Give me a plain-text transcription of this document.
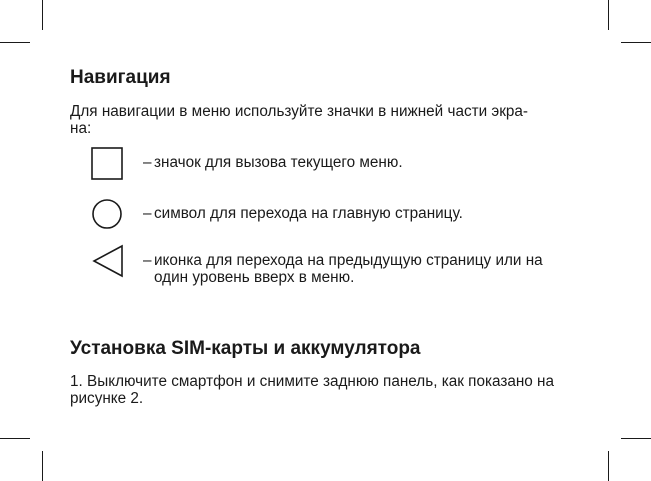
Навигация

Для навигации в меню используйте значки в нижней части экра-
на:

– значок для вызова текущего меню.

– символ для перехода на главную страницу.

– иконка для перехода на предыдущую страницу или на один уровень вверх в меню.

Установка SIM-карты и аккумулятора

1. Выключите смартфон и снимите заднюю панель, как показано на рисунке 2.
